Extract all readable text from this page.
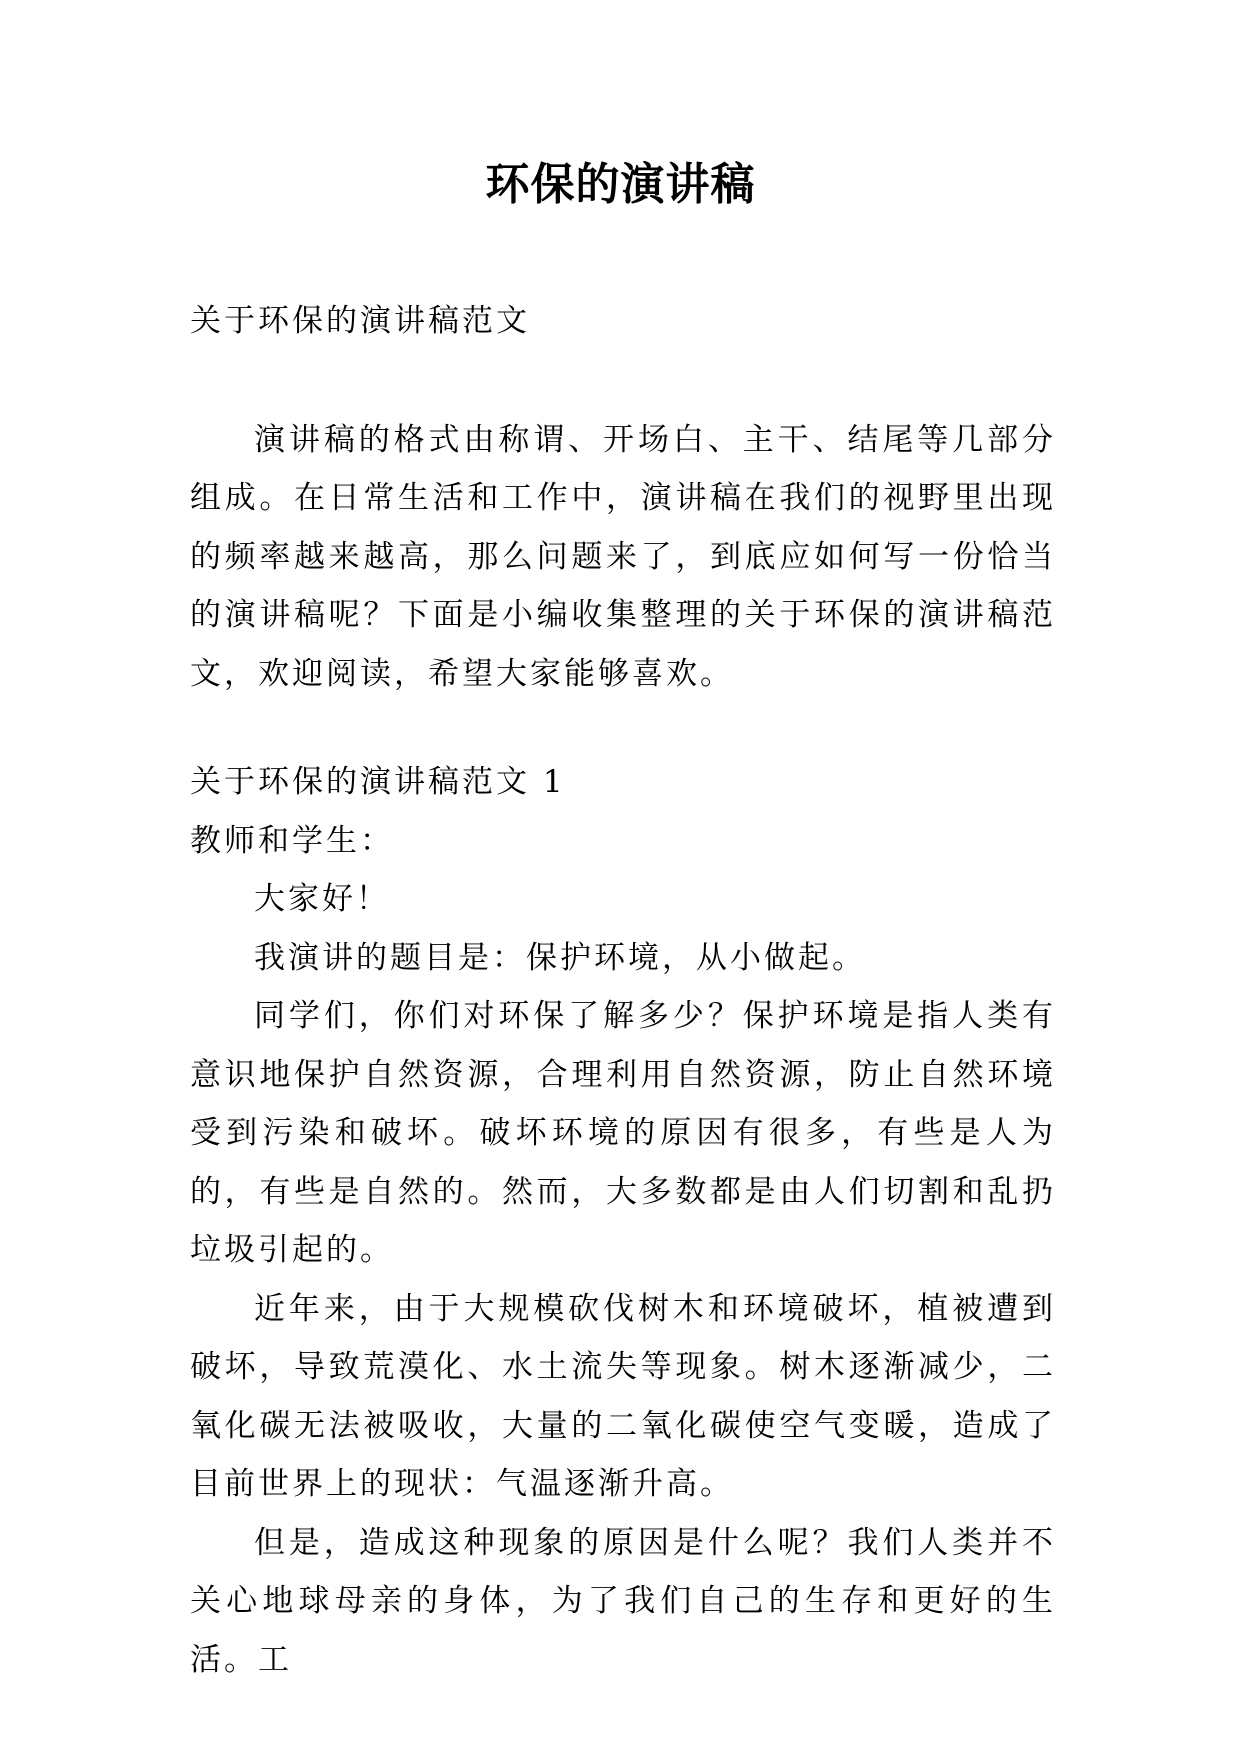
环保的演讲稿

关于环保的演讲稿范文

演讲稿的格式由称谓、开场白、主干、结尾等几部分组成。在日常生活和工作中，演讲稿在我们的视野里出现的频率越来越高，那么问题来了，到底应如何写一份恰当的演讲稿呢？下面是小编收集整理的关于环保的演讲稿范文，欢迎阅读，希望大家能够喜欢。

关于环保的演讲稿范文 1

教师和学生：

大家好！

我演讲的题目是：保护环境，从小做起。

同学们，你们对环保了解多少？保护环境是指人类有意识地保护自然资源，合理利用自然资源，防止自然环境受到污染和破坏。破坏环境的原因有很多，有些是人为的，有些是自然的。然而，大多数都是由人们切割和乱扔垃圾引起的。

近年来，由于大规模砍伐树木和环境破坏，植被遭到破坏，导致荒漠化、水土流失等现象。树木逐渐减少，二氧化碳无法被吸收，大量的二氧化碳使空气变暖，造成了目前世界上的现状：气温逐渐升高。

但是，造成这种现象的原因是什么呢？我们人类并不关心地球母亲的身体，为了我们自己的生存和更好的生活。工
